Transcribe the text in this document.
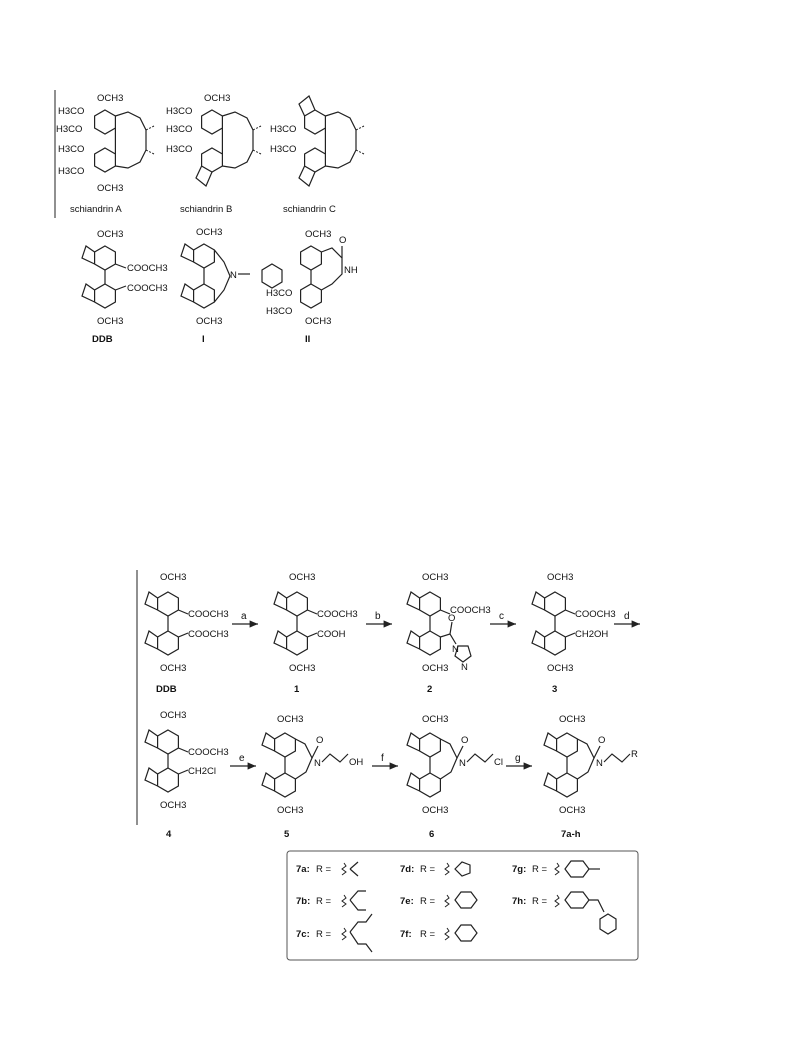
OCH3
H3CO
H3CO
H3CO
H3CO
OCH3
schiandrin A
OCH3
H3CO
H3CO
H3CO
schiandrin B
H3CO
H3CO
schiandrin C
OCH3
COOCH3
COOCH3
OCH3
DDB
OCH3
N
OCH3
I
OCH3
O
NH
H3CO
H3CO
OCH3
II
OCH3
COOCH3
COOCH3
OCH3
DDB
a
OCH3
COOCH3
COOH
OCH3
1
b
OCH3
COOCH3
O
N
N
OCH3
2
c
OCH3
COOCH3
CH2OH
OCH3
3
d
OCH3
COOCH3
CH2Cl
OCH3
4
e
OCH3
O
N	OH
OCH3
5
f
OCH3
O
N	Cl
OCH3
6
g
OCH3
O
N
R
OCH3
7a-h
7a: R =
7b: R =
7c: R =
7d: R =
7e: R =
7f: R =
7g: R =
7h: R =
